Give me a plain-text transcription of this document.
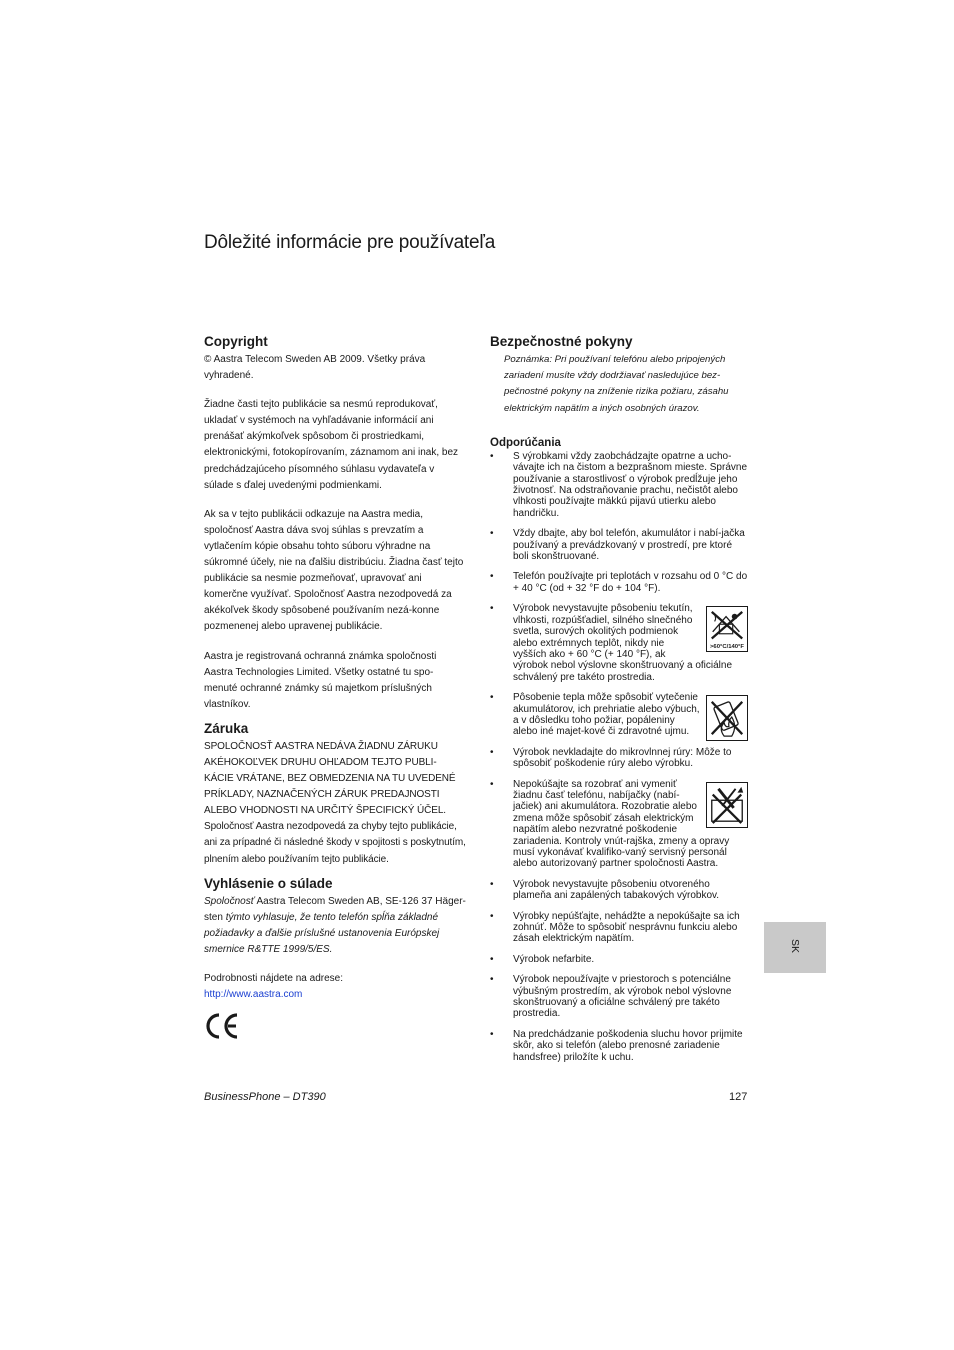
Dôležité informácie pre používateľa
Copyright

© Aastra Telecom Sweden AB 2009. Všetky práva vyhradené.

Žiadne časti tejto publikácie sa nesmú reprodukovať, ukladať v systémoch na vyhľadávanie informácií ani prenášať akýmkoľvek spôsobom či prostriedkami, elektronickými, fotokopírovaním, záznamom ani inak, bez predchádzajúceho písomného súhlasu vydavateľa v súlade s ďalej uvedenými podmienkami.

Ak sa v tejto publikácii odkazuje na Aastra media, spoločnosť Aastra dáva svoj súhlas s prevzatím a vytlačením kópie obsahu tohto súboru výhradne na súkromné účely, nie na ďalšiu distribúciu. Žiadna časť tejto publikácie sa nesmie pozmeňovať, upravovať ani komerčne využívať. Spoločnosť Aastra nezodpovedá za akékoľvek škody spôsobené používaním nezá-konne pozmenenej alebo upravenej publikácie.

Aastra je registrovaná ochranná známka spoločnosti Aastra Technologies Limited. Všetky ostatné tu spo-menuté ochranné známky sú majetkom príslušných vlastníkov.

Záruka

SPOLOČNOSŤ AASTRA NEDÁVA ŽIADNU ZÁRUKU AKÉHOKOĽVEK DRUHU OHĽADOM TEJTO PUBLI-KÁCIE VRÁTANE, BEZ OBMEDZENIA NA TU UVEDENÉ PRÍKLADY, NAZNAČENÝCH ZÁRUK PREDAJNOSTI ALEBO VHODNOSTI NA URČITÝ ŠPECIFICKÝ ÚČEL. Spoločnosť Aastra nezodpovedá za chyby tejto publikácie, ani za prípadné či následné škody v spojitosti s poskytnutím, plnením alebo používaním tejto publikácie.

Vyhlásenie o súlade

Spoločnosť Aastra Telecom Sweden AB, SE-126 37 Häger-sten týmto vyhlasuje, že tento telefón spĺňa základné požiadavky a ďalšie príslušné ustanovenia Európskej smernice R&TTE 1999/5/ES.

Podrobnosti nájdete na adrese:
http://www.aastra.com

Bezpečnostné pokyny

Poznámka: Pri používaní telefónu alebo pripojených zariadení musíte vždy dodržiavať nasledujúce bez-pečnostné pokyny na zníženie rizika požiaru, zásahu elektrickým napätím a iných osobných úrazov.

Odporúčania
• S výrobkami vždy zaobchádzajte opatrne a ucho-vávajte ich na čistom a bezprašnom mieste. Správne používanie a starostlivosť o výrobok predĺžuje jeho životnosť. Na odstraňovanie prachu, nečistôt alebo vlhkosti používajte mäkkú pijavú utierku alebo handričku.
• Vždy dbajte, aby bol telefón, akumulátor i nabí-jačka používaný a prevádzkovaný v prostredí, pre ktoré boli skonštruované.
• Telefón používajte pri teplotách v rozsahu od 0 °C do + 40 °C (od + 32 °F do + 104 °F).
• >60°C/140°F
Výrobok nevystavujte pôsobeniu tekutín, vlhkosti, rozpúšťadiel, silného slnečného svetla, surových okolitých podmienok alebo extrémnych teplôt, nikdy nie vyšších ako + 60 °C (+ 140 °F), ak výrobok nebol výslovne skonštruovaný a oficiálne schválený pre takéto prostredia.
• Pôsobenie tepla môže spôsobiť vytečenie akumulátorov, ich prehriatie alebo výbuch, a v dôsledku toho požiar, popáleniny alebo iné majet-kové či zdravotné ujmu.
• Výrobok nevkladajte do mikrovlnnej rúry: Môže to spôsobiť poškodenie rúry alebo výrobku.
• Nepokúšajte sa rozobrať ani vymeniť žiadnu časť telefónu, nabíjačky (nabí-jačiek) ani akumulátora. Rozobratie alebo zmena môže spôsobiť zásah elektrickým napätím alebo nezvratné poškodenie zariadenia. Kontroly vnút-rajška, zmeny a opravy musí vykonávať kvalifiko-vaný servisný personál alebo autorizovaný partner spoločnosti Aastra.
• Výrobok nevystavujte pôsobeniu otvoreného plameňa ani zapálených tabakových výrobkov.
• Výrobky nepúšťajte, nehádžte a nepokúšajte sa ich zohnúť. Môže to spôsobiť nesprávnu funkciu alebo zásah elektrickým napätím.
• Výrobok nefarbite.
• Výrobok nepoužívajte v priestoroch s potenciálne výbušným prostredím, ak výrobok nebol výslovne skonštruovaný a oficiálne schválený pre takéto prostredia.
• Na predchádzanie poškodenia sluchu hovor prijmite skôr, ako si telefón (alebo prenosné zariadenie handsfree) priložíte k uchu.
SK
BusinessPhone – DT390	127
